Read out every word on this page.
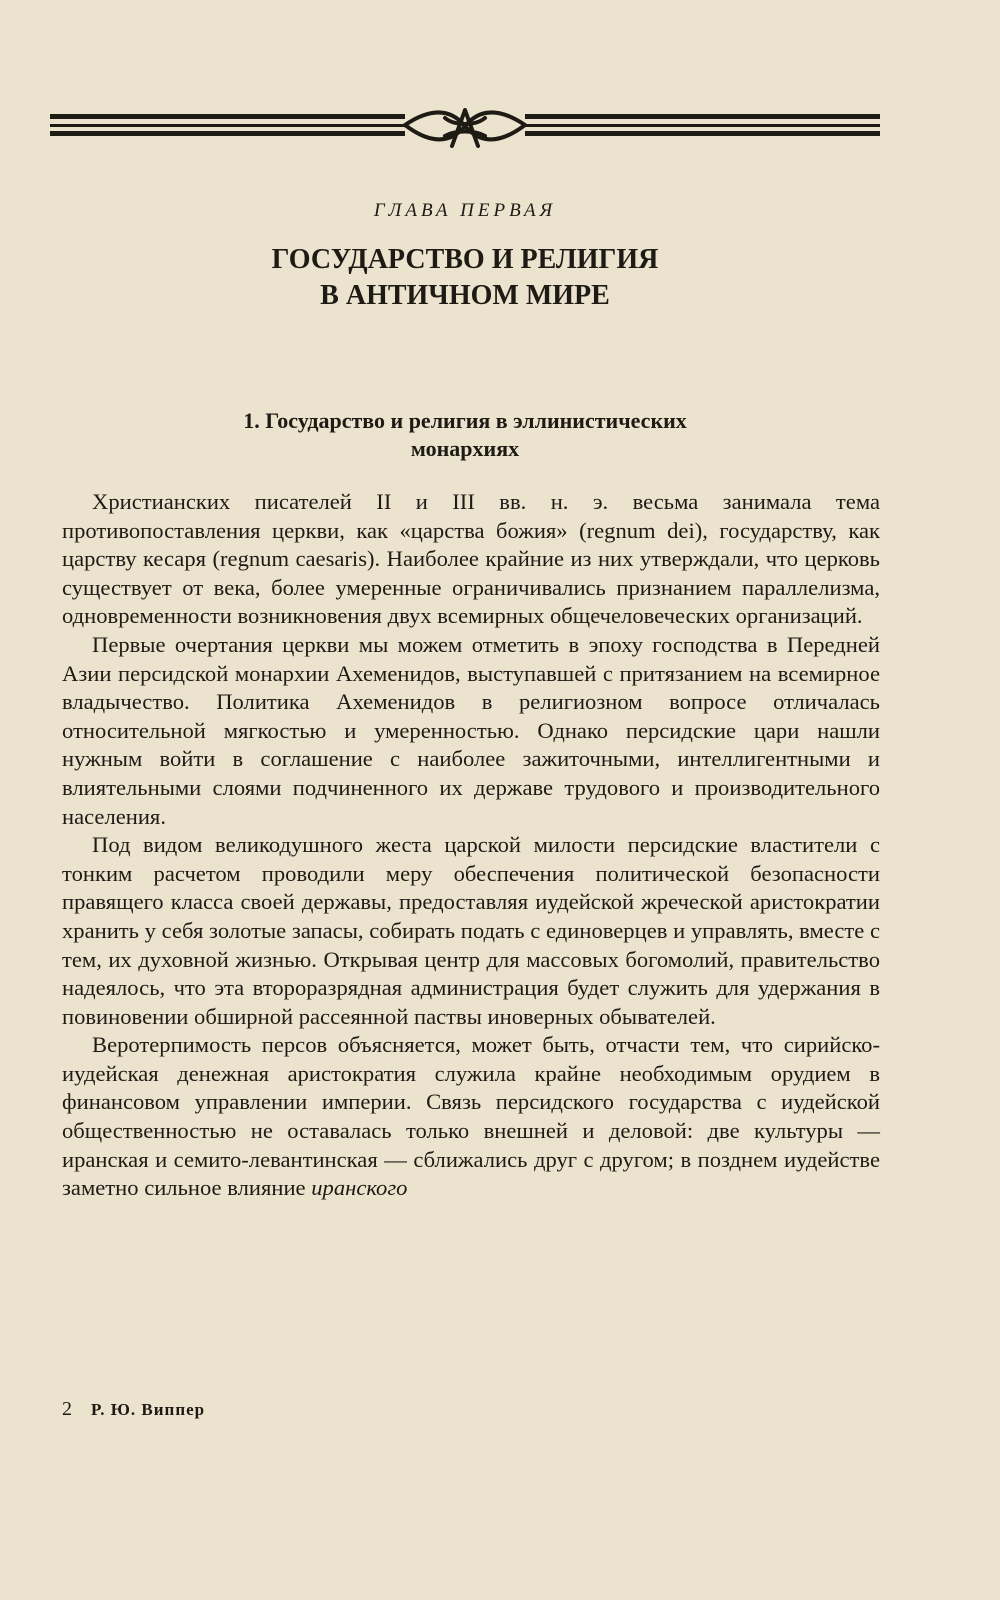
ГЛАВА ПЕРВАЯ
ГОСУДАРСТВО И РЕЛИГИЯ
В АНТИЧНОМ МИРЕ
1. Государство и религия в эллинистических
монархиях

Христианских писателей II и III вв. н. э. весьма занимала тема противопоставления церкви, как «царства божия» (regnum dei), государству, как царству кесаря (regnum caesaris). Наиболее крайние из них утверждали, что церковь существует от века, более умеренные ограничивались признанием параллелизма, одновременности возникновения двух всемирных общечеловеческих организаций.

Первые очертания церкви мы можем отметить в эпоху господства в Передней Азии персидской монархии Ахеменидов, выступавшей с притязанием на всемирное владычество. Политика Ахеменидов в религиозном вопросе отличалась относительной мягкостью и умеренностью. Однако персидские цари нашли нужным войти в соглашение с наиболее зажиточными, интеллигентными и влиятельными слоями подчиненного их державе трудового и производительного населения.

Под видом великодушного жеста царской милости персидские властители с тонким расчетом проводили меру обеспечения политической безопасности правящего класса своей державы, предоставляя иудейской жреческой аристократии хранить у себя золотые запасы, собирать подать с единоверцев и управлять, вместе с тем, их духовной жизнью. Открывая центр для массовых богомолий, правительство надеялось, что эта второразрядная администрация будет служить для удержания в повиновении обширной рассеянной паствы иноверных обывателей.

Веротерпимость персов объясняется, может быть, отчасти тем, что сирийско-иудейская денежная аристократия служила крайне необходимым орудием в финансовом управлении империи. Связь персидского государства с иудейской общественностью не оставалась только внешней и деловой: две культуры — иранская и семито-левантинская — сближались друг с другом; в позднем иудействе заметно сильное влияние иранского

2 Р. Ю. Виппер
